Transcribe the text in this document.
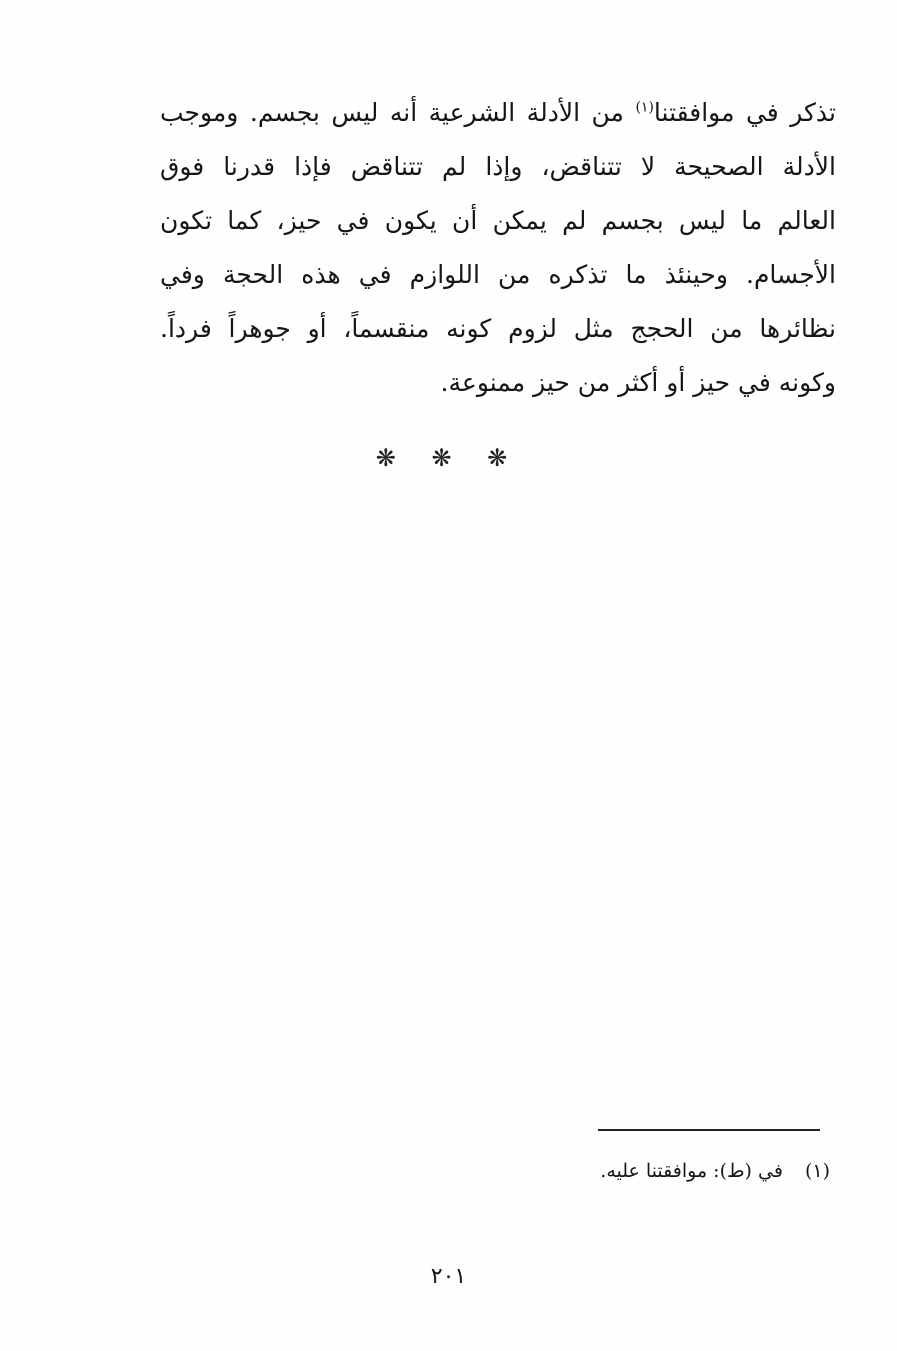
تذكر في موافقتنا$^{(١)}$ من الأدلة الشرعية أنه ليس بجسم. وموجب
الأدلة الصحيحة لا تتناقض، وإذا لم تتناقض فإذا قدرنا فوق
العالم ما ليس بجسم لم يمكن أن يكون في حيز، كما تكون
الأجسام. وحينئذ ما تذكره من اللوازم في هذه الحجة وفي
نظائرها من الحجج مثل لزوم كونه منقسماً، أو جوهراً فرداً.
وكونه في حيز أو أكثر من حيز ممنوعة.
❋ ❋ ❋
(١)في (ط): موافقتنا عليه.
٢٠١
